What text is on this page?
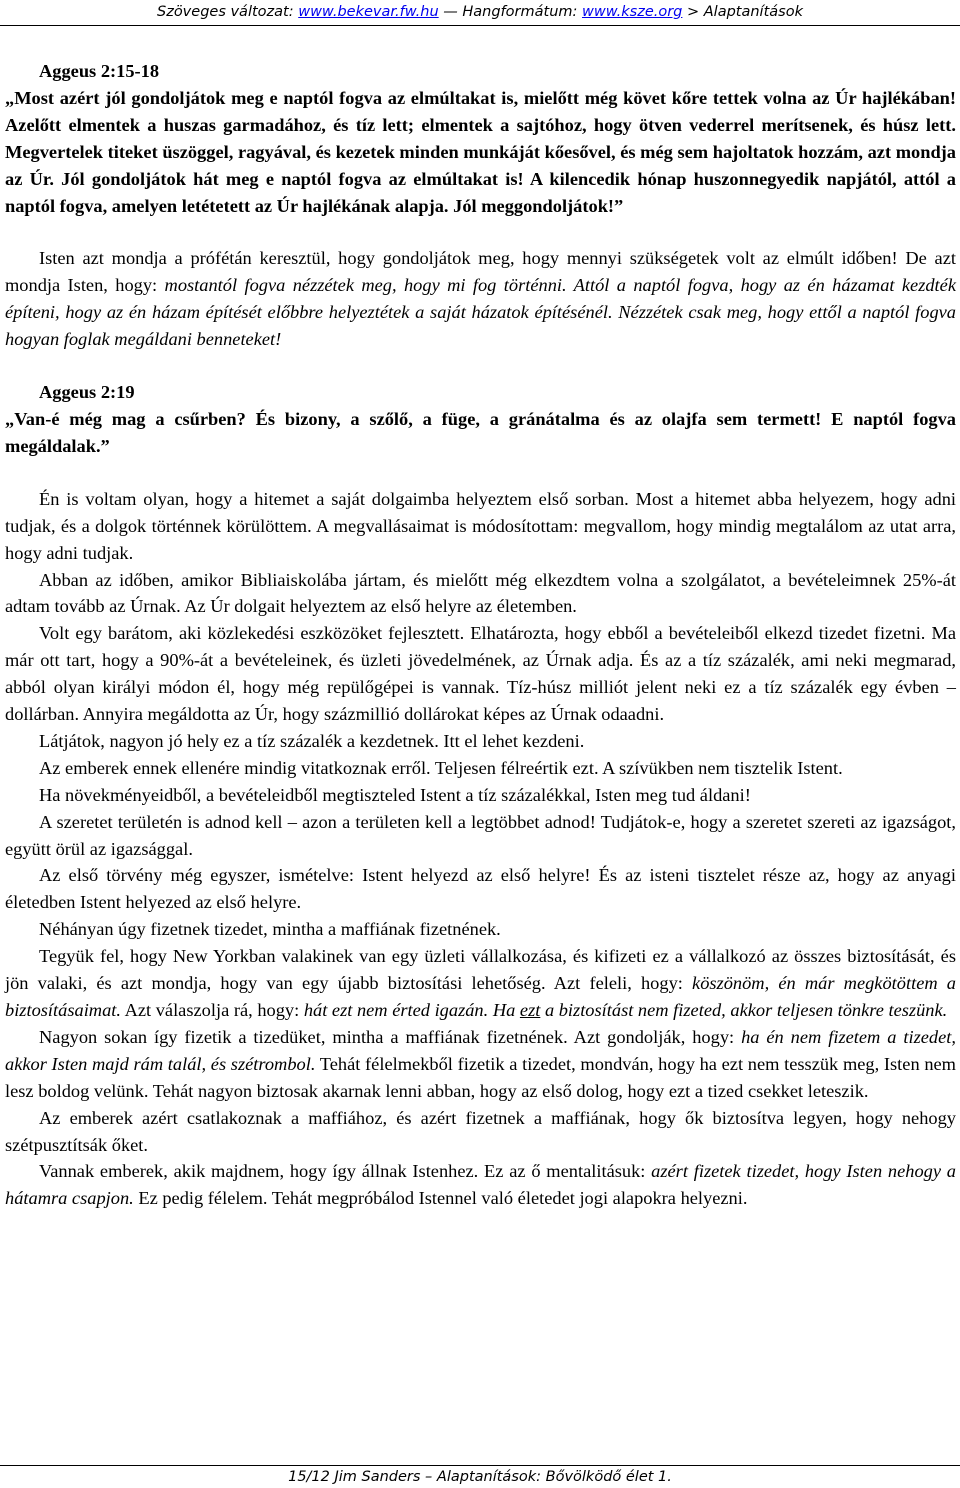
Szöveges változat: www.bekevar.fw.hu — Hangformátum: www.ksze.org > Alaptanítások

Aggeus 2:15-18

„Most azért jól gondoljátok meg e naptól fogva az elmúltakat is, mielőtt még követ kőre tettek volna az Úr hajlékában! Azelőtt elmentek a huszas garmadához, és tíz lett; elmentek a sajtóhoz, hogy ötven vederrel merítsenek, és húsz lett. Megvertelek titeket üszöggel, ragyával, és kezetek minden munkáját kőesővel, és még sem hajoltatok hozzám, azt mondja az Úr. Jól gondoljátok hát meg e naptól fogva az elmúltakat is! A kilencedik hónap huszonnegyedik napjától, attól a naptól fogva, amelyen letétetett az Úr hajlékának alapja. Jól meggondoljátok!”

Isten azt mondja a prófétán keresztül, hogy gondoljátok meg, hogy mennyi szükségetek volt az elmúlt időben! De azt mondja Isten, hogy: mostantól fogva nézzétek meg, hogy mi fog történni. Attól a naptól fogva, hogy az én házamat kezdték építeni, hogy az én házam építését előbbre helyeztétek a saját házatok építésénél. Nézzétek csak meg, hogy ettől a naptól fogva hogyan foglak megáldani benneteket!

Aggeus 2:19

„Van-é még mag a csűrben? És bizony, a szőlő, a füge, a gránátalma és az olajfa sem termett! E naptól fogva megáldalak.”

Én is voltam olyan, hogy a hitemet a saját dolgaimba helyeztem első sorban. Most a hitemet abba helyezem, hogy adni tudjak, és a dolgok történnek körülöttem. A megvallásaimat is módosítottam: megvallom, hogy mindig megtalálom az utat arra, hogy adni tudjak.

Abban az időben, amikor Bibliaiskolába jártam, és mielőtt még elkezdtem volna a szolgálatot, a bevételeimnek 25%-át adtam tovább az Úrnak. Az Úr dolgait helyeztem az első helyre az életemben.

Volt egy barátom, aki közlekedési eszközöket fejlesztett. Elhatározta, hogy ebből a bevételeiből elkezd tizedet fizetni. Ma már ott tart, hogy a 90%-át a bevételeinek, és üzleti jövedelmének, az Úrnak adja. És az a tíz százalék, ami neki megmarad, abból olyan királyi módon él, hogy még repülőgépei is vannak. Tíz-húsz milliót jelent neki ez a tíz százalék egy évben – dollárban. Annyira megáldotta az Úr, hogy százmillió dollárokat képes az Úrnak odaadni.

Látjátok, nagyon jó hely ez a tíz százalék a kezdetnek. Itt el lehet kezdeni.

Az emberek ennek ellenére mindig vitatkoznak erről. Teljesen félreértik ezt. A szívükben nem tisztelik Istent.

Ha növekményeidből, a bevételeidből megtiszteled Istent a tíz százalékkal, Isten meg tud áldani!

A szeretet területén is adnod kell – azon a területen kell a legtöbbet adnod! Tudjátok-e, hogy a szeretet szereti az igazságot, együtt örül az igazsággal.

Az első törvény még egyszer, ismételve: Istent helyezd az első helyre! És az isteni tisztelet része az, hogy az anyagi életedben Istent helyezed az első helyre.

Néhányan úgy fizetnek tizedet, mintha a maffiának fizetnének.

Tegyük fel, hogy New Yorkban valakinek van egy üzleti vállalkozása, és kifizeti ez a vállalkozó az összes biztosítását, és jön valaki, és azt mondja, hogy van egy újabb biztosítási lehetőség. Azt feleli, hogy: köszönöm, én már megkötöttem a biztosításaimat. Azt válaszolja rá, hogy: hát ezt nem érted igazán. Ha ezt a biztosítást nem fizeted, akkor teljesen tönkre teszünk.

Nagyon sokan így fizetik a tizedüket, mintha a maffiának fizetnének. Azt gondolják, hogy: ha én nem fizetem a tizedet, akkor Isten majd rám talál, és szétrombol. Tehát félelmekből fizetik a tizedet, mondván, hogy ha ezt nem tesszük meg, Isten nem lesz boldog velünk. Tehát nagyon biztosak akarnak lenni abban, hogy az első dolog, hogy ezt a tized csekket leteszik.

Az emberek azért csatlakoznak a maffiához, és azért fizetnek a maffiának, hogy ők biztosítva legyen, hogy nehogy szétpusztítsák őket.

Vannak emberek, akik majdnem, hogy így állnak Istenhez. Ez az ő mentalitásuk: azért fizetek tizedet, hogy Isten nehogy a hátamra csapjon. Ez pedig félelem. Tehát megpróbálod Istennel való életedet jogi alapokra helyezni.

15/12 Jim Sanders – Alaptanítások: Bővölködő élet 1.
